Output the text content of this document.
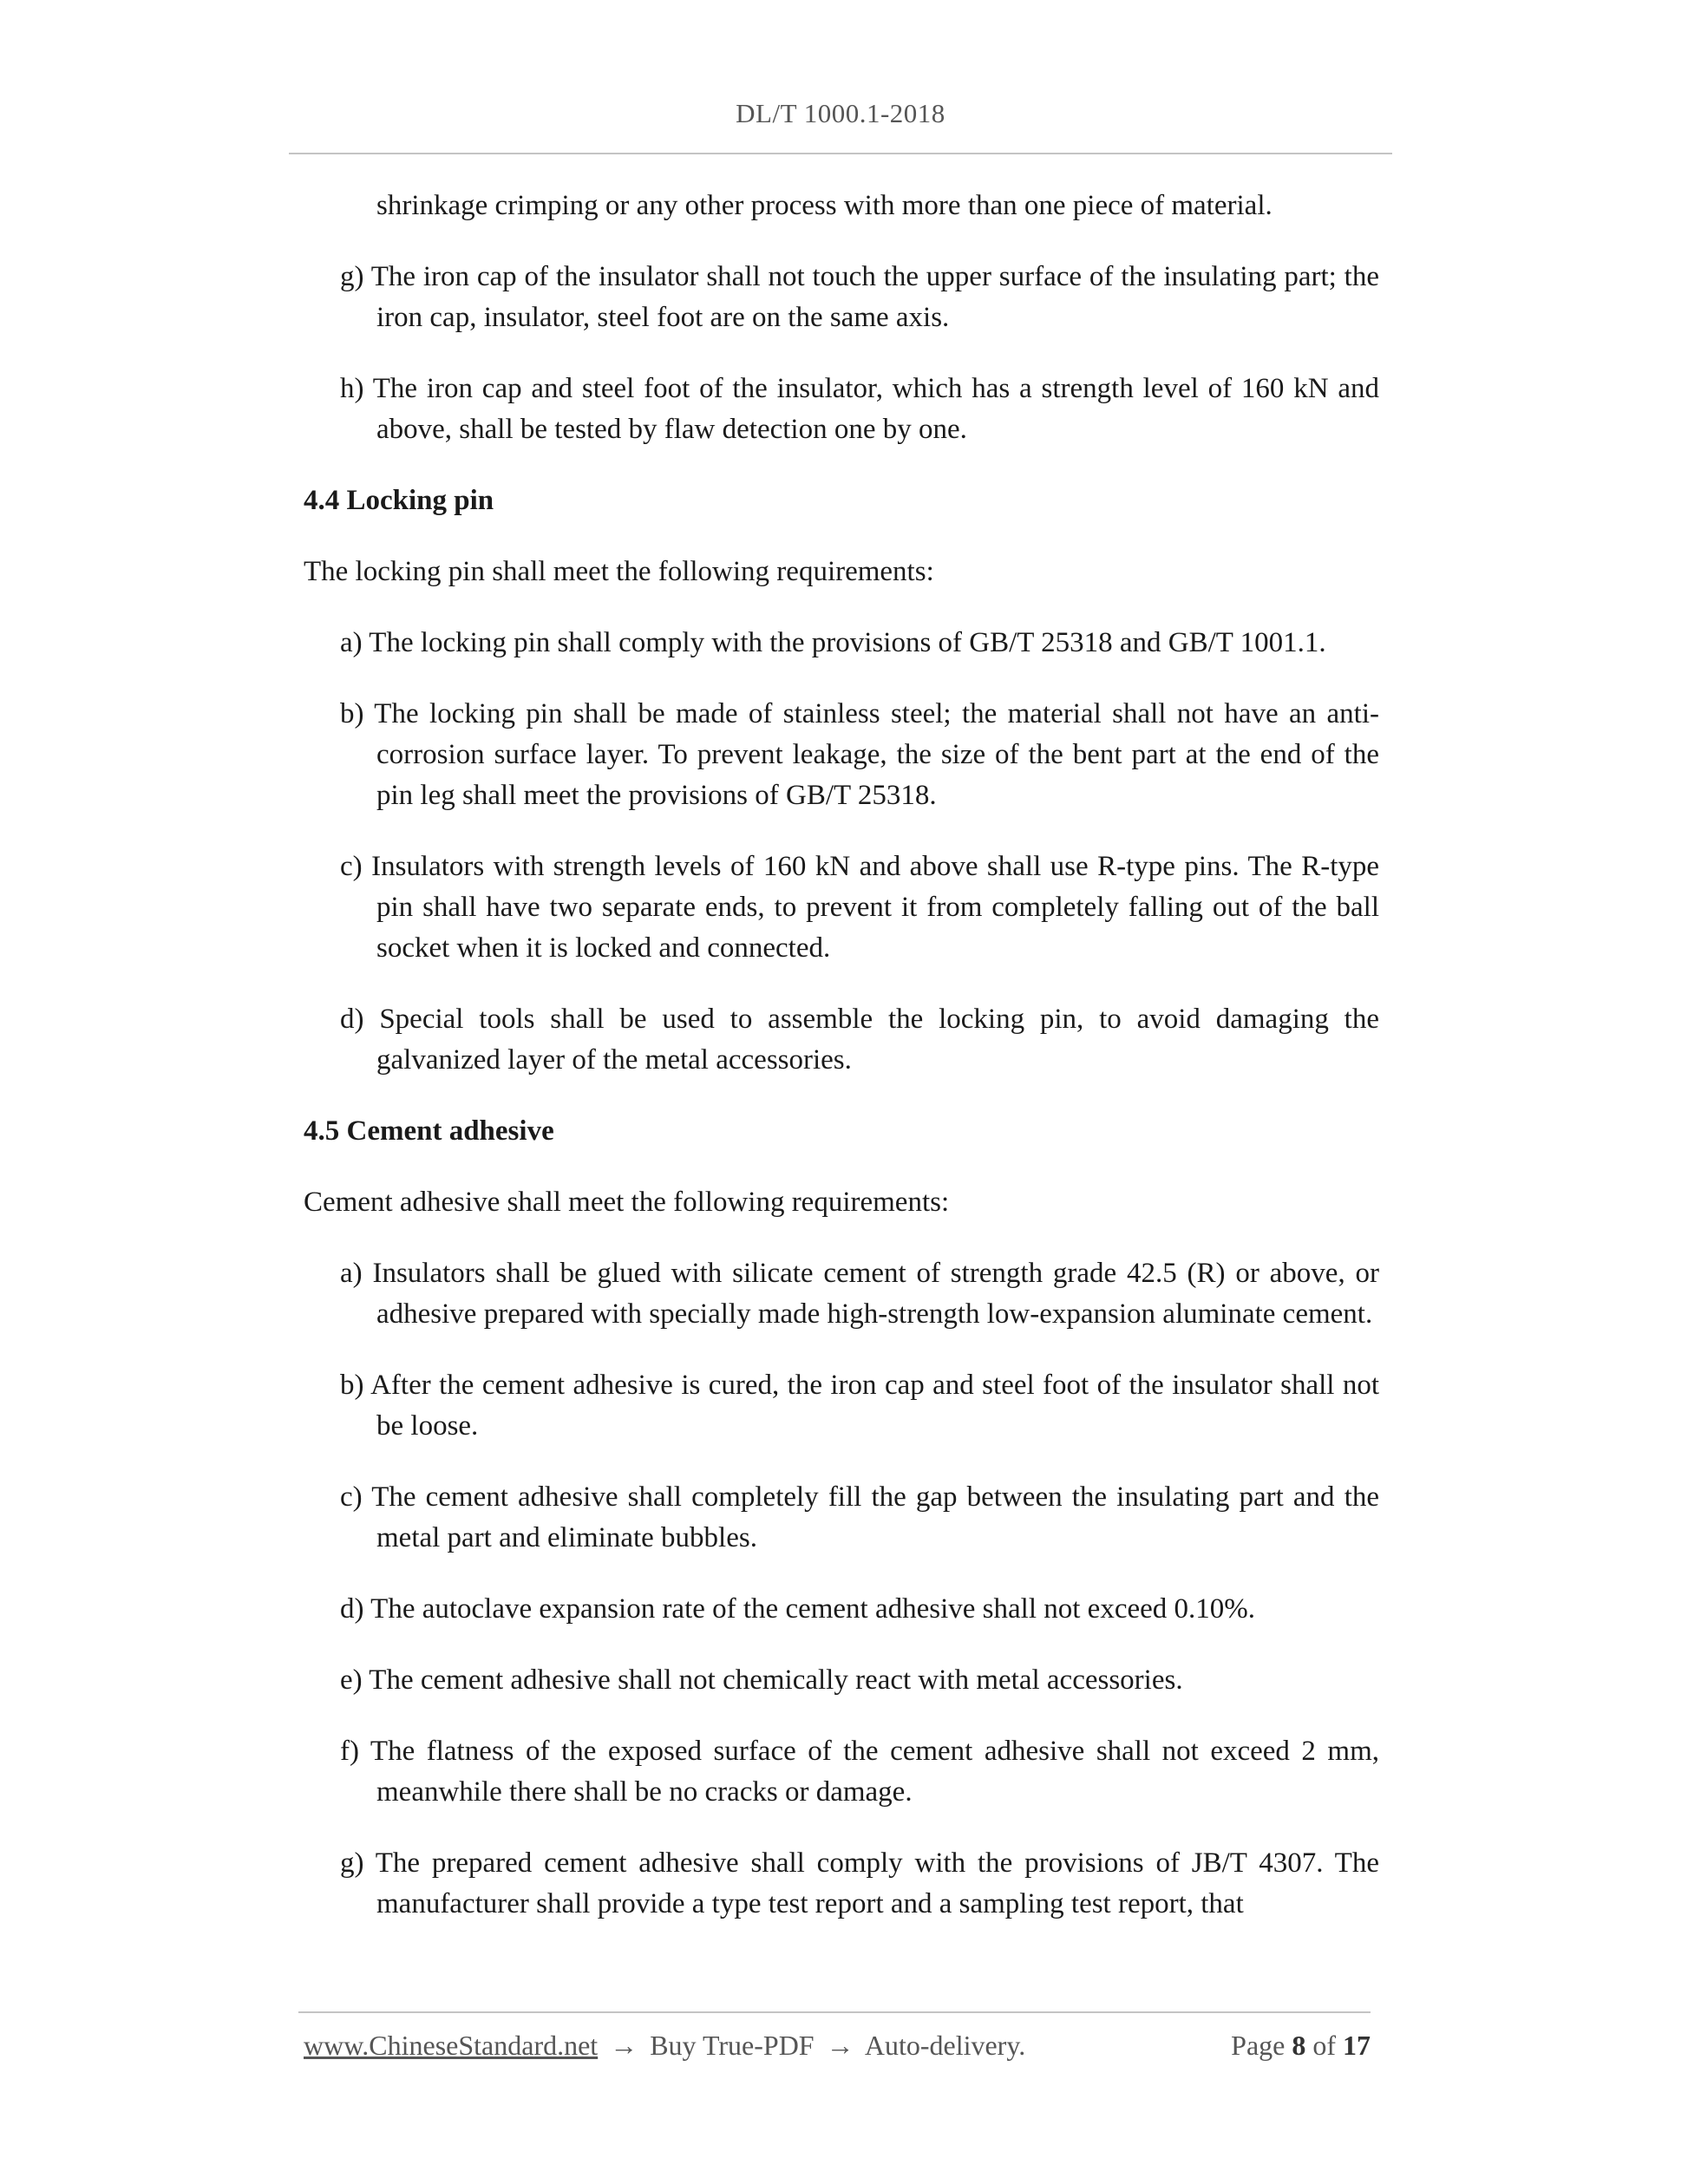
DL/T 1000.1-2018

shrinkage crimping or any other process with more than one piece of material.

g) The iron cap of the insulator shall not touch the upper surface of the insulating part; the iron cap, insulator, steel foot are on the same axis.

h) The iron cap and steel foot of the insulator, which has a strength level of 160 kN and above, shall be tested by flaw detection one by one.

4.4 Locking pin
The locking pin shall meet the following requirements:

a) The locking pin shall comply with the provisions of GB/T 25318 and GB/T 1001.1.

b) The locking pin shall be made of stainless steel; the material shall not have an anti-corrosion surface layer. To prevent leakage, the size of the bent part at the end of the pin leg shall meet the provisions of GB/T 25318.

c) Insulators with strength levels of 160 kN and above shall use R-type pins. The R-type pin shall have two separate ends, to prevent it from completely falling out of the ball socket when it is locked and connected.

d) Special tools shall be used to assemble the locking pin, to avoid damaging the galvanized layer of the metal accessories.

4.5 Cement adhesive
Cement adhesive shall meet the following requirements:

a) Insulators shall be glued with silicate cement of strength grade 42.5 (R) or above, or adhesive prepared with specially made high-strength low-expansion aluminate cement.

b) After the cement adhesive is cured, the iron cap and steel foot of the insulator shall not be loose.

c) The cement adhesive shall completely fill the gap between the insulating part and the metal part and eliminate bubbles.

d) The autoclave expansion rate of the cement adhesive shall not exceed 0.10%.

e) The cement adhesive shall not chemically react with metal accessories.

f) The flatness of the exposed surface of the cement adhesive shall not exceed 2 mm, meanwhile there shall be no cracks or damage.

g) The prepared cement adhesive shall comply with the provisions of JB/T 4307. The manufacturer shall provide a type test report and a sampling test report, that

www.ChineseStandard.net → Buy True-PDF → Auto-delivery.	Page 8 of 17
